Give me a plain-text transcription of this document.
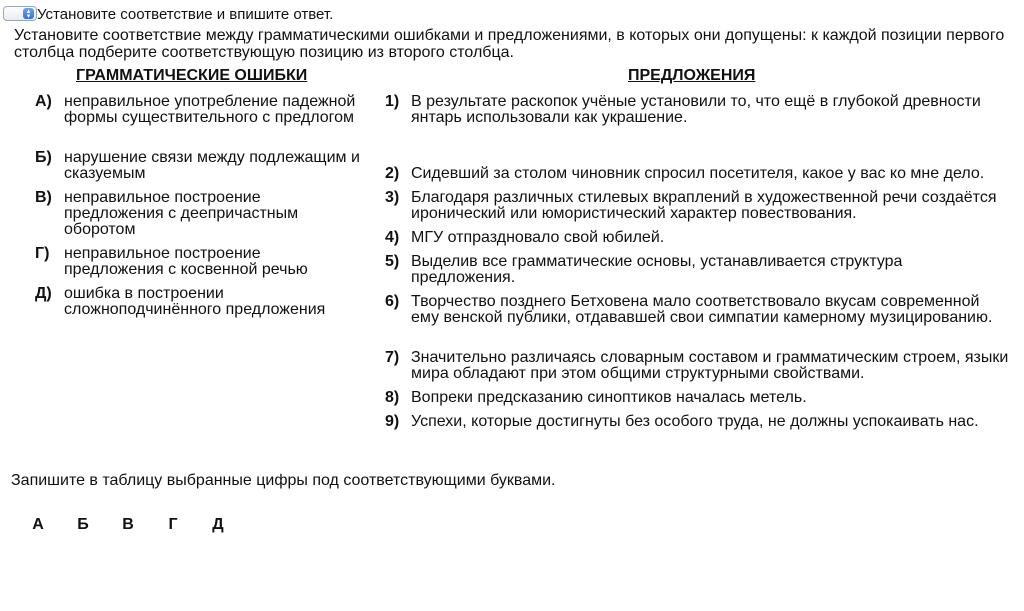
▴
▾ Установите соответствие и впишите ответ.
Установите соответствие между грамматическими ошибками и предложениями, в которых они допущены: к каждой позиции первого столбца подберите соответствующую позицию из второго столбца.
ГРАММАТИЧЕСКИЕ ОШИБКИ	ПРЕДЛОЖЕНИЯ
А) неправильное употребление падежной формы существительного с предлогом
Б) нарушение связи между подлежащим и сказуемым
В) неправильное построение предложения с деепричастным оборотом
Г) неправильное построение предложения с косвенной речью
Д) ошибка в построении сложноподчинённого предложения
1) В результате раскопок учёные установили то, что ещё в глубокой древности янтарь использовали как украшение.
2) Сидевший за столом чиновник спросил посетителя, какое у вас ко мне дело.
3) Благодаря различных стилевых вкраплений в художественной речи создаётся иронический или юмористический характер повествования.
4) МГУ отпраздновало свой юбилей.
5) Выделив все грамматические основы, устанавливается структура предложения.
6) Творчество позднего Бетховена мало соответствовало вкусам современной ему венской публики, отдававшей свои симпатии камерному музицированию.
7) Значительно различаясь словарным составом и грамматическим строем, языки мира обладают при этом общими структурными свойствами.
8) Вопреки предсказанию синоптиков началась метель.
9) Успехи, которые достигнуты без особого труда, не должны успокаивать нас.
Запишите в таблицу выбранные цифры под соответствующими буквами.
А Б В	Г	Д
